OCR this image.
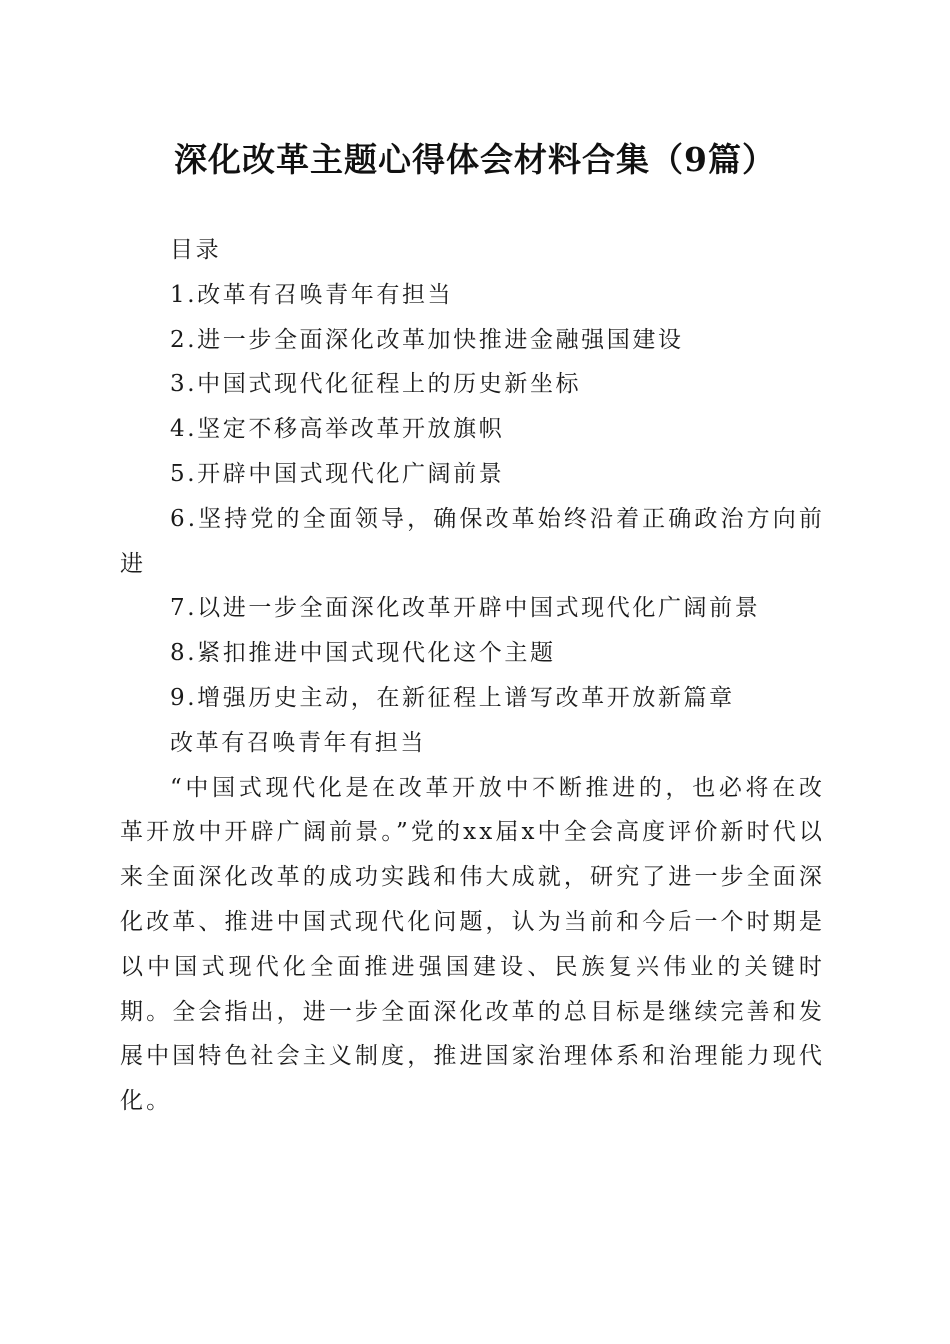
深化改革主题心得体会材料合集（9篇）

目录

1.改革有召唤青年有担当

2.进一步全面深化改革加快推进金融强国建设

3.中国式现代化征程上的历史新坐标

4.坚定不移高举改革开放旗帜

5.开辟中国式现代化广阔前景

6.坚持党的全面领导，确保改革始终沿着正确政治方向前进

7.以进一步全面深化改革开辟中国式现代化广阔前景

8.紧扣推进中国式现代化这个主题

9.增强历史主动，在新征程上谱写改革开放新篇章

改革有召唤青年有担当

“中国式现代化是在改革开放中不断推进的，也必将在改革开放中开辟广阔前景。”党的xx届x中全会高度评价新时代以来全面深化改革的成功实践和伟大成就，研究了进一步全面深化改革、推进中国式现代化问题，认为当前和今后一个时期是以中国式现代化全面推进强国建设、民族复兴伟业的关键时期。全会指出，进一步全面深化改革的总目标是继续完善和发展中国特色社会主义制度，推进国家治理体系和治理能力现代化。
